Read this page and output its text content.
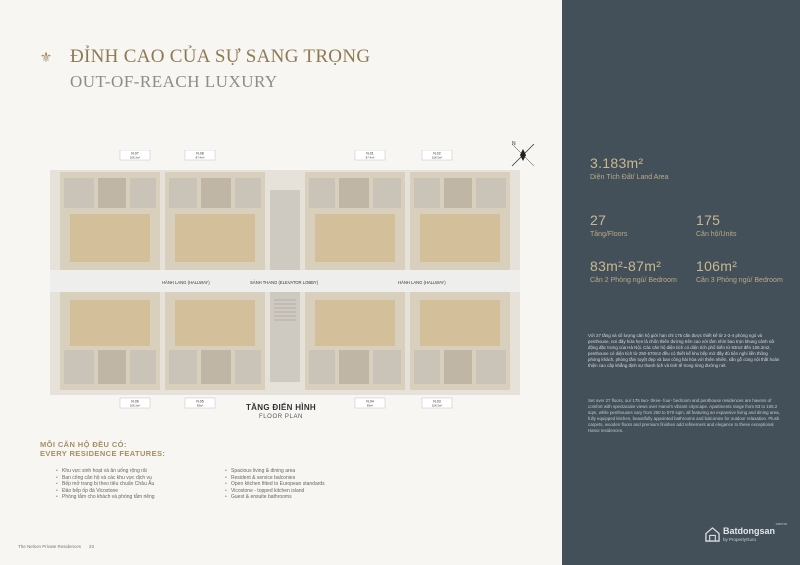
⚜ ĐỈNH CAO CỦA SỰ SANG TRỌNG
OUT-OF-REACH LUXURY
N
HÀNH LANG (HALLWAY)	SẢNH THANG (ELEVATOR LOBBY)	HÀNH LANG (HALLWAY)
N.07
106.3m²
N.08
87.4m²
N.01
87.4m²
N.02
106.3m²
N.06
106.3m²
N.05
83m²
N.04
83m²
N.03
106.3m²
TẦNG ĐIỂN HÌNH
FLOOR PLAN
MỖI CĂN HỘ ĐỀU CÓ:
EVERY RESIDENCE FEATURES:
• Khu vực sinh hoạt và ăn uống rộng rãi
• Ban công căn hộ và các khu vực dịch vụ
• Bếp mở trang bị theo tiêu chuẩn Châu Âu
• Đảo bếp ốp đá Vicostone
• Phòng tắm cho khách và phòng tắm riêng
• Spacious living & dining area
• Resident & service balconies
• Open kitchen fitted to European standards
• Vicostone - topped kitchen island
• Guest & ensuite bathrooms
The Nelson Private Residences 23
3.183m²
Diện Tích Đất/ Land Area
27
Tầng/Floors
175
Căn hộ/Units
83m²-87m²
Căn 2 Phòng ngủ/ Bedroom
106m²
Căn 3 Phòng ngủ/ Bedroom
Với 27 tầng và số lượng căn hộ giới hạn chỉ 175 căn được thiết kế từ 2-3-4 phòng ngủ và penthouse, nơi đây hứa hẹn là chốn thiên đường trên cao với tầm nhìn bao trọn khung cảnh sôi động đặc trưng của Hà Nội. Các căn hộ diện tích có diện tích phổ biến từ 83m2 đến 106.2m2, penthouse có diện tích từ 250-570m2 đều có thiết kế khu bếp mở đầy đủ tiện nghi liền thông phòng khách, phòng tắm tuyệt đẹp và ban công hài hòa với thiên nhiên, sẵn gỗ cùng nội thất hoàn thiện cao cấp khẳng định sự thanh lịch và tinh tế trong từng đường nét.
Set over 27 floors, our 175 two- three- four- bedroom and penthouse residences are havens of comfort with spectacular views over Hanoi's vibrant cityscape. Apartments range from 83 to 106.2 sqm, while penthouses vary from 250 to 570 sqm, all featuring an expansive living and dining area, fully equipped kitchen, beautifully appointed bathrooms and balconies for outdoor relaxation. Plush carpets, wooden floors and premium finishes add refinement and elegance to these exceptional Hanoi residences.
.com.vn
Batdongsan
by PropertyGuru
